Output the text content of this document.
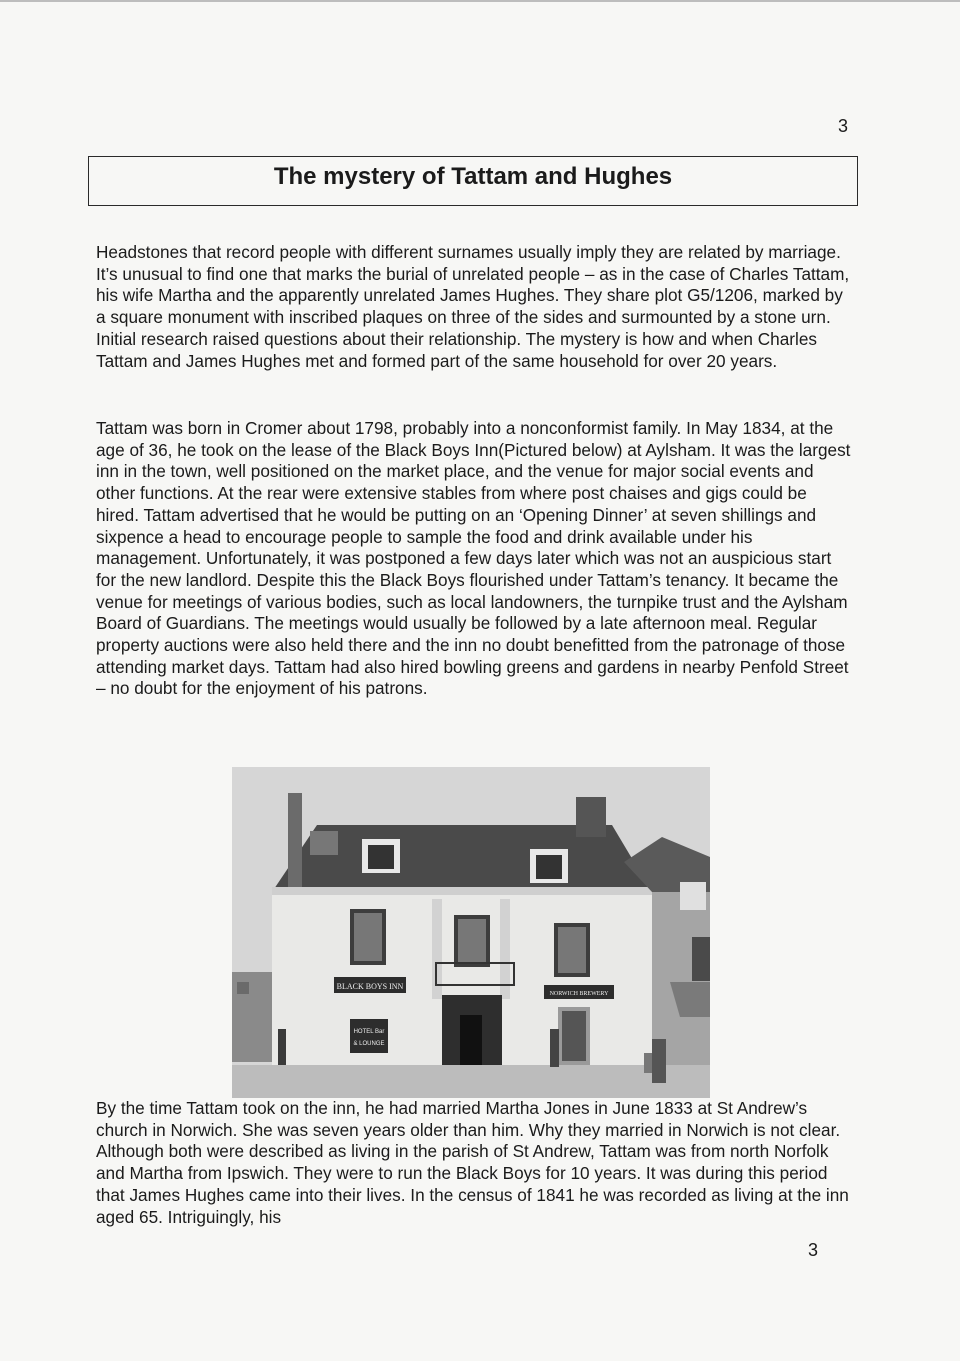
3
The mystery of Tattam and Hughes

Headstones that record people with different surnames usually imply they are related by marriage. It’s unusual to find one that marks the burial of unrelated people – as in the case of Charles Tattam, his wife Martha and the apparently unrelated James Hughes. They share plot G5/1206, marked by a square monument with inscribed plaques on three of the sides and surmounted by a stone urn. Initial research raised questions about their relationship. The mystery is how and when Charles Tattam and James Hughes met and formed part of the same household for over 20 years.

Tattam was born in Cromer about 1798, probably into a nonconformist family. In May 1834, at the age of 36, he took on the lease of the Black Boys Inn(Pictured below) at Aylsham. It was the largest inn in the town, well positioned on the market place, and the venue for major social events and other functions. At the rear were extensive stables from where post chaises and gigs could be hired. Tattam advertised that he would be putting on an ‘Opening Dinner’ at seven shillings and sixpence a head to encourage people to sample the food and drink available under his management. Unfortunately, it was postponed a few days later which was not an auspicious start for the new landlord. Despite this the Black Boys flourished under Tattam’s tenancy. It became the venue for meetings of various bodies, such as local landowners, the turnpike trust and the Aylsham Board of Guardians. The meetings would usually be followed by a late afternoon meal. Regular property auctions were also held there and the inn no doubt benefitted from the patronage of those attending market days. Tattam had also hired bowling greens and gardens in nearby Penfold Street – no doubt for the enjoyment of his patrons.

BLACK BOYS INN
NORWICH BREWERY
HOTEL Bar
& LOUNGE

By the time Tattam took on the inn, he had married Martha Jones in June 1833 at St Andrew’s church in Norwich. She was seven years older than him. Why they married in Norwich is not clear. Although both were described as living in the parish of St Andrew, Tattam was from north Norfolk and Martha from Ipswich. They were to run the Black Boys for 10 years. It was during this period that James Hughes came into their lives. In the census of 1841 he was recorded as living at the inn aged 65. Intriguingly, his

3
